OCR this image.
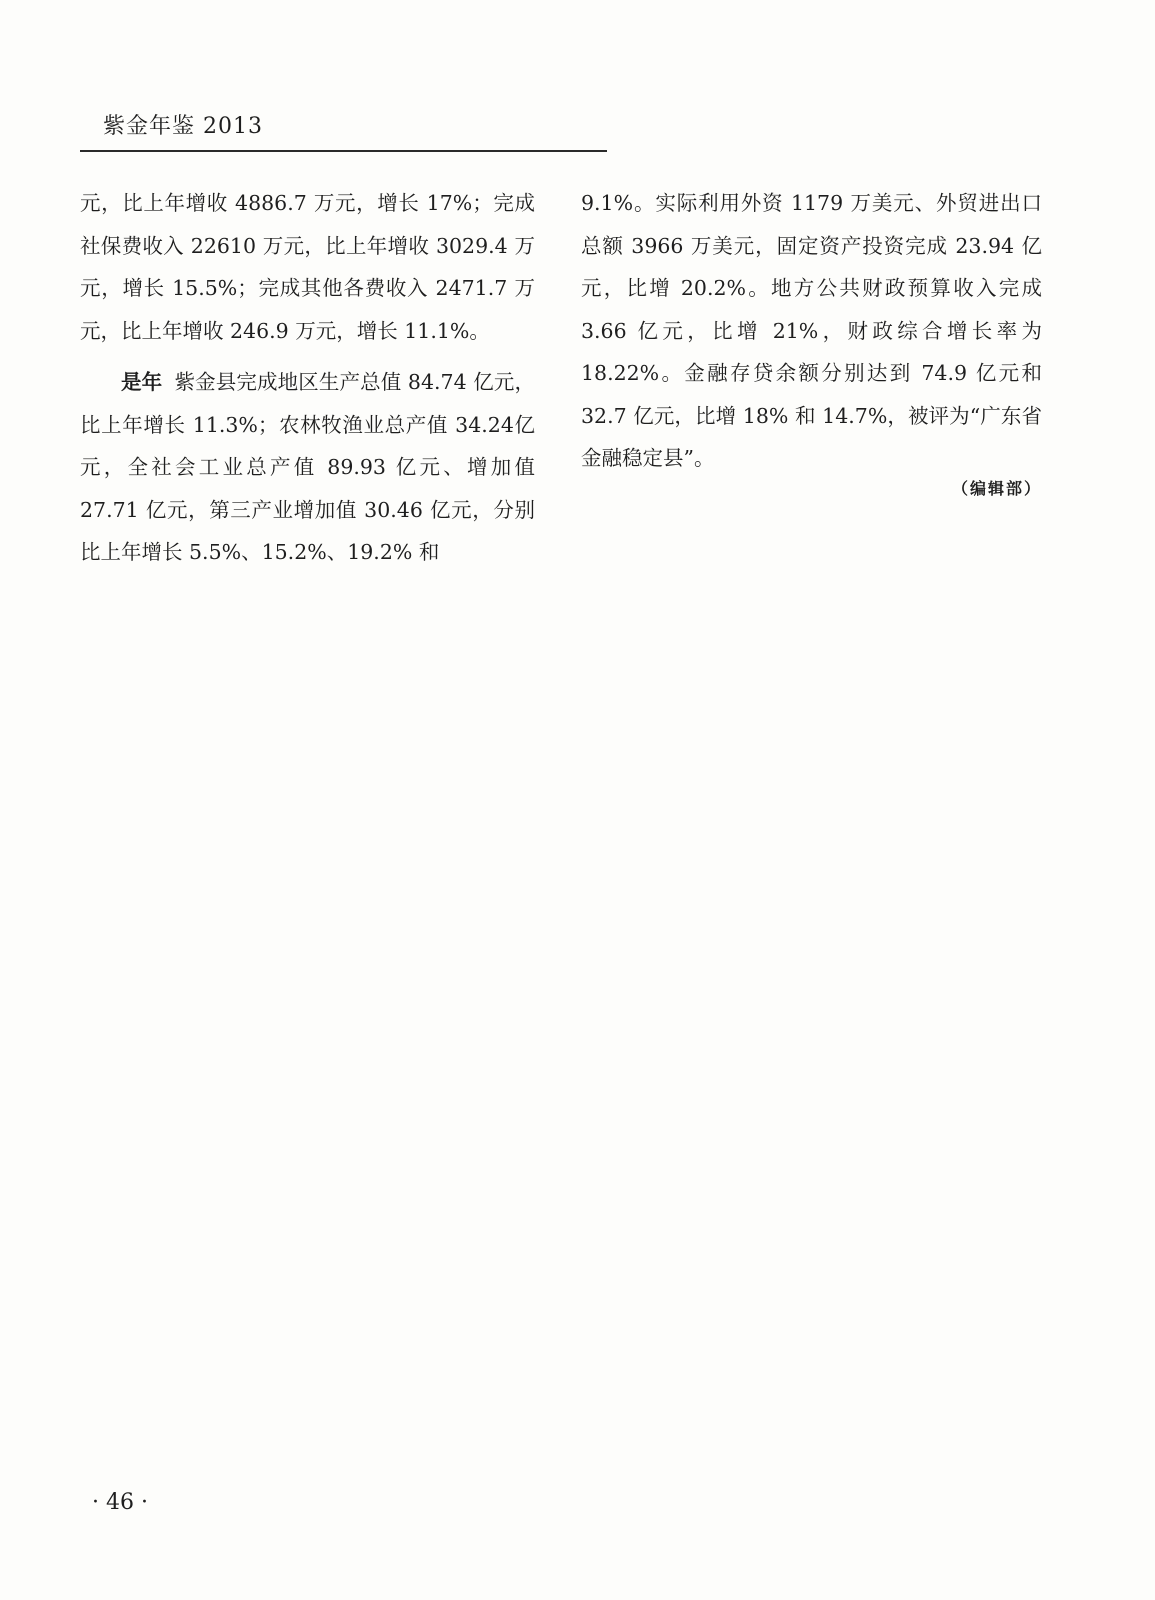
紫金年鉴 2013

元，比上年增收 4886.7 万元，增长 17%；完成社保费收入 22610 万元，比上年增收 3029.4 万元，增长 15.5%；完成其他各费收入 2471.7 万元，比上年增收 246.9 万元，增长 11.1%。

是年 紫金县完成地区生产总值 84.74 亿元，比上年增长 11.3%；农林牧渔业总产值 34.24亿元，全社会工业总产值 89.93 亿元、增加值 27.71 亿元，第三产业增加值 30.46 亿元，分别比上年增长 5.5%、15.2%、19.2% 和

9.1%。实际利用外资 1179 万美元、外贸进出口总额 3966 万美元，固定资产投资完成 23.94 亿元，比增 20.2%。地方公共财政预算收入完成3.66 亿元，比增 21%，财政综合增长率为 18.22%。金融存贷余额分别达到 74.9 亿元和 32.7 亿元，比增 18% 和 14.7%，被评为“广东省金融稳定县”。

（编辑部）
· 46 ·
